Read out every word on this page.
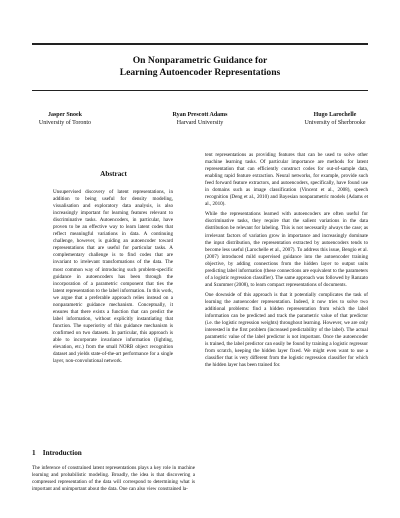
On Nonparametric Guidance for
Learning Autoencoder Representations
Jasper Snoek
University of Toronto
Ryan Prescott Adams
Harvard University
Hugo Larochelle
University of Sherbrooke
Abstract
Unsupervised discovery of latent representations, in addition to being useful for density modeling, visualisation and exploratory data analysis, is also increasingly important for learning features relevant to discriminative tasks. Autoencoders, in particular, have proven to be an effective way to learn latent codes that reflect meaningful variations in data. A continuing challenge, however, is guiding an autoencoder toward representations that are useful for particular tasks. A complementary challenge is to find codes that are invariant to irrelevant transformations of the data. The most common way of introducing such problem-specific guidance in autoencoders has been through the incorporation of a parametric component that ties the latent representation to the label information. In this work, we argue that a preferable approach relies instead on a nonparametric guidance mechanism. Conceptually, it ensures that there exists a function that can predict the label information, without explicitly instantiating that function. The superiority of this guidance mechanism is confirmed on two datasets. In particular, this approach is able to incorporate invariance information (lighting, elevation, etc.) from the small NORB object recognition dataset and yields state-of-the-art performance for a single layer, non-convolutional network.
1 Introduction
The inference of constrained latent representations plays a key role in machine learning and probabilistic modeling. Broadly, the idea is that discovering a compressed representation of the data will correspond to determining what is important and unimportant about the data. One can also view constrained la-
tent representations as providing features that can be used to solve other machine learning tasks. Of particular importance are methods for latent representation that can efficiently construct codes for out-of-sample data, enabling rapid feature extraction. Neural networks, for example, provide such feed forward feature extractors, and autoencoders, specifically, have found use in domains such as image classification (Vincent et al., 2008), speech recognition (Deng et al., 2010) and Bayesian nonparametric models (Adams et al., 2010).
While the representations learned with autoencoders are often useful for discriminative tasks, they require that the salient variations in the data distribution be relevant for labeling. This is not necessarily always the case; as irrelevant factors of variation grow in importance and increasingly dominate the input distribution, the representation extracted by autoencoders tends to become less useful (Larochelle et al., 2007). To address this issue, Bengio et al. (2007) introduced mild supervised guidance into the autoencoder training objective, by adding connections from the hidden layer to output units predicting label information (these connections are equivalent to the parameters of a logistic regression classifier). The same approach was followed by Ranzato and Szummer (2008), to learn compact representations of documents.
One downside of this approach is that it potentially complicates the task of learning the autoencoder representation. Indeed, it now tries to solve two additional problems: find a hidden representation from which the label information can be predicted and track the parametric value of that predictor (i.e. the logistic regression weights) throughout learning. However, we are only interested in the first problem (increased predictability of the label). The actual parametric value of the label predictor is not important. Once the autoencoder is trained, the label predictor can easily be found by training a logistic regressor from scratch, keeping the hidden layer fixed. We might even want to use a classifier that is very different from the logistic regression classifier for which the hidden layer has been trained for.
